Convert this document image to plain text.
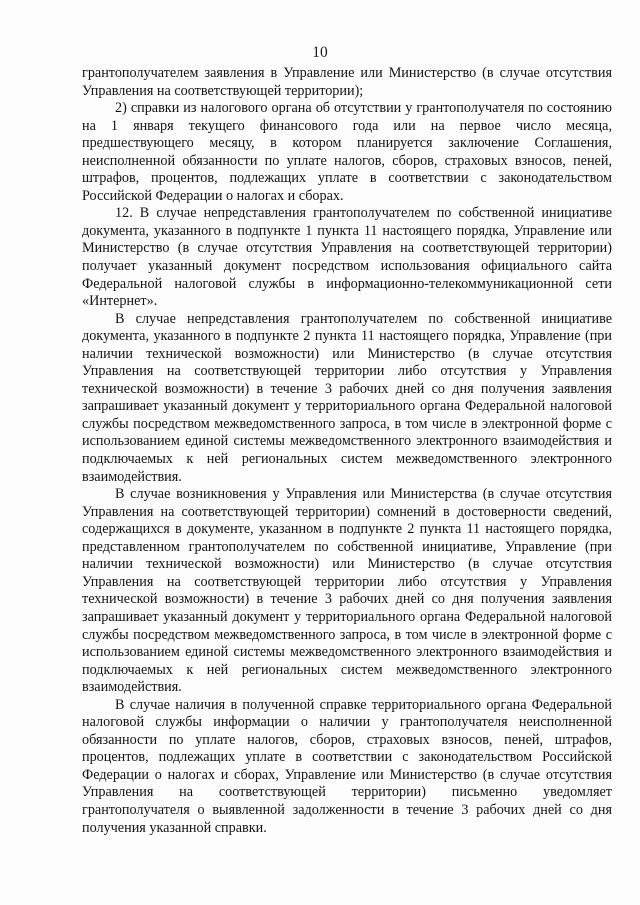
10

грантополучателем заявления в Управление или Министерство (в случае отсутствия Управления на соответствующей территории);

2) справки из налогового органа об отсутствии у грантополучателя по состоянию на 1 января текущего финансового года или на первое число месяца, предшествующего месяцу, в котором планируется заключение Соглашения, неисполненной обязанности по уплате налогов, сборов, страховых взносов, пеней, штрафов, процентов, подлежащих уплате в соответствии с законодательством Российской Федерации о налогах и сборах.

12. В случае непредставления грантополучателем по собственной инициативе документа, указанного в подпункте 1 пункта 11 настоящего порядка, Управление или Министерство (в случае отсутствия Управления на соответствующей территории) получает указанный документ посредством использования официального сайта Федеральной налоговой службы в информационно-телекоммуникационной сети «Интернет».

В случае непредставления грантополучателем по собственной инициативе документа, указанного в подпункте 2 пункта 11 настоящего порядка, Управление (при наличии технической возможности) или Министерство (в случае отсутствия Управления на соответствующей территории либо отсутствия у Управления технической возможности) в течение 3 рабочих дней со дня получения заявления запрашивает указанный документ у территориального органа Федеральной налоговой службы посредством межведомственного запроса, в том числе в электронной форме с использованием единой системы межведомственного электронного взаимодействия и подключаемых к ней региональных систем межведомственного электронного взаимодействия.

В случае возникновения у Управления или Министерства (в случае отсутствия Управления на соответствующей территории) сомнений в достоверности сведений, содержащихся в документе, указанном в подпункте 2 пункта 11 настоящего порядка, представленном грантополучателем по собственной инициативе, Управление (при наличии технической возможности) или Министерство (в случае отсутствия Управления на соответствующей территории либо отсутствия у Управления технической возможности) в течение 3 рабочих дней со дня получения заявления запрашивает указанный документ у территориального органа Федеральной налоговой службы посредством межведомственного запроса, в том числе в электронной форме с использованием единой системы межведомственного электронного взаимодействия и подключаемых к ней региональных систем межведомственного электронного взаимодействия.

В случае наличия в полученной справке территориального органа Федеральной налоговой службы информации о наличии у грантополучателя неисполненной обязанности по уплате налогов, сборов, страховых взносов, пеней, штрафов, процентов, подлежащих уплате в соответствии с законодательством Российской Федерации о налогах и сборах, Управление или Министерство (в случае отсутствия Управления на соответствующей территории) письменно уведомляет грантополучателя о выявленной задолженности в течение 3 рабочих дней со дня получения указанной справки.
